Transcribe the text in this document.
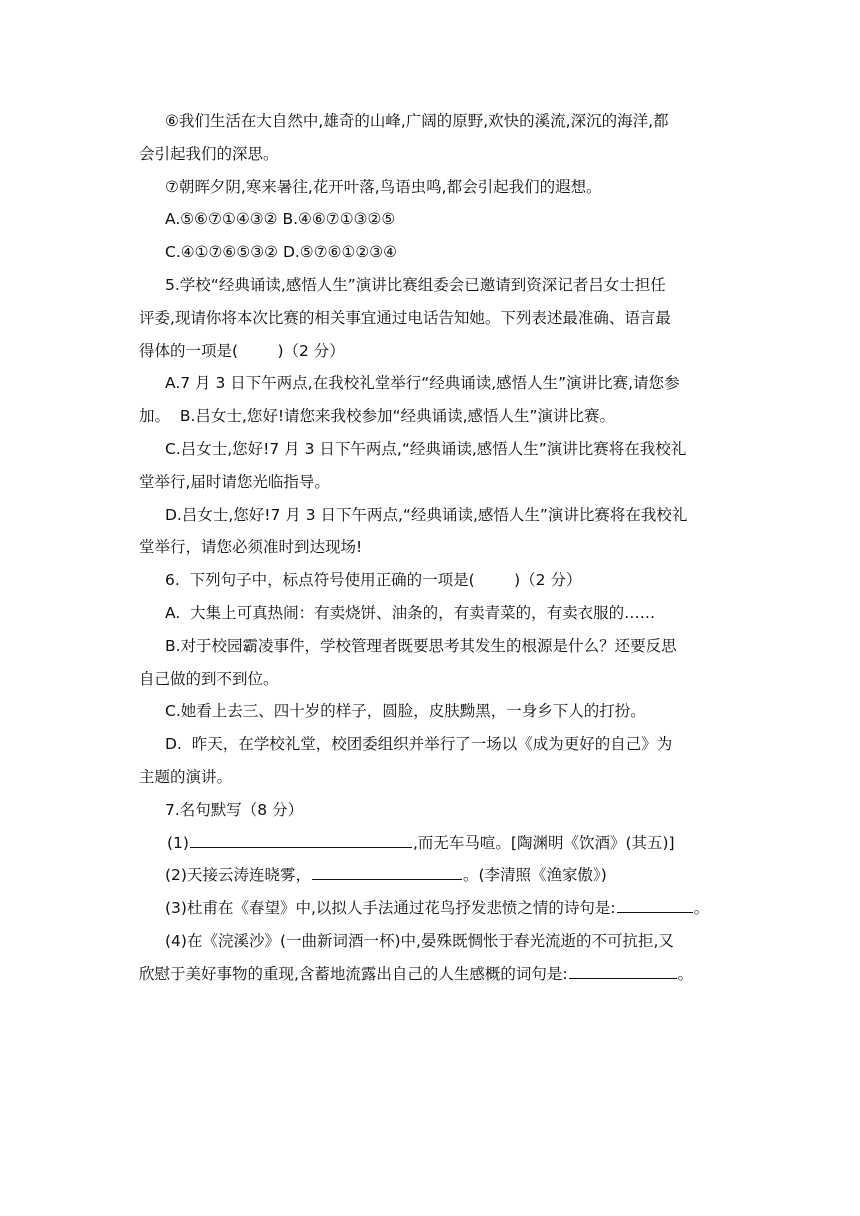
⑥我们生活在大自然中,雄奇的山峰,广阔的原野,欢快的溪流,深沉的海洋,都
会引起我们的深思。
⑦朝晖夕阴,寒来暑往,花开叶落,鸟语虫鸣,都会引起我们的遐想。
A.⑤⑥⑦①④③② B.④⑥⑦①③②⑤
C.④①⑦⑥⑤③② D.⑤⑦⑥①②③④
5.学校“经典诵读,感悟人生”演讲比赛组委会已邀请到资深记者吕女士担任
评委,现请你将本次比赛的相关事宜通过电话告知她。下列表述最准确、语言最
得体的一项是(        )（2 分）
A.7 月 3 日下午两点,在我校礼堂举行“经典诵读,感悟人生”演讲比赛,请您参
加。  B.吕女士,您好!请您来我校参加“经典诵读,感悟人生”演讲比赛。
C.吕女士,您好!7 月 3 日下午两点,“经典诵读,感悟人生”演讲比赛将在我校礼
堂举行,届时请您光临指导。
D.吕女士,您好!7 月 3 日下午两点,“经典诵读,感悟人生”演讲比赛将在我校礼
堂举行，请您必须准时到达现场!
6.  下列句子中，标点符号使用正确的一项是(        )（2 分）
A.  大集上可真热闹：有卖烧饼、油条的，有卖青菜的，有卖衣服的……
B.对于校园霸凌事件，学校管理者既要思考其发生的根源是什么？还要反思
自己做的到不到位。
C.她看上去三、四十岁的样子，圆脸，皮肤黝黑，一身乡下人的打扮。
D.  昨天，在学校礼堂，校团委组织并举行了一场以《成为更好的自己》为
主题的演讲。
7.名句默写（8 分）
(1)	,而无车马喧。[陶渊明《饮酒》(其五)]
(2)天接云涛连晓雾，	。(李清照《渔家傲》)
(3)杜甫在《春望》中,以拟人手法通过花鸟抒发悲愤之情的诗句是:	。
(4)在《浣溪沙》(一曲新词酒一杯)中,晏殊既惆怅于春光流逝的不可抗拒,又
欣慰于美好事物的重现,含蓄地流露出自己的人生感概的词句是:	。
